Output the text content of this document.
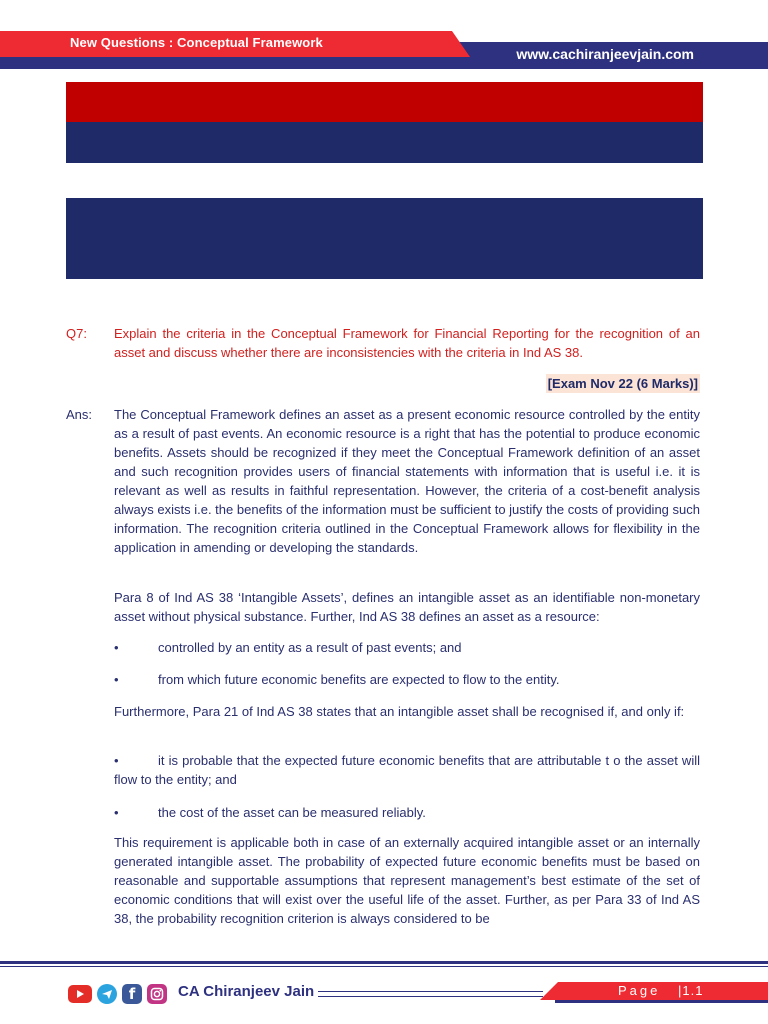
New Questions : Conceptual Framework
www.cachiranjeevjain.com
Q7: Explain the criteria in the Conceptual Framework for Financial Reporting for the recognition of an asset and discuss whether there are inconsistencies with the criteria in Ind AS 38.
[Exam Nov 22 (6 Marks)]
Ans: The Conceptual Framework defines an asset as a present economic resource controlled by the entity as a result of past events. An economic resource is a right that has the potential to produce economic benefits. Assets should be recognized if they meet the Conceptual Framework definition of an asset and such recognition provides users of financial statements with information that is useful i.e. it is relevant as well as results in faithful representation. However, the criteria of a cost-benefit analysis always exists i.e. the benefits of the information must be sufficient to justify the costs of providing such information. The recognition criteria outlined in the Conceptual Framework allows for flexibility in the application in amending or developing the standards.
Para 8 of Ind AS 38 ‘Intangible Assets’, defines an intangible asset as an identifiable non-monetary asset without physical substance. Further, Ind AS 38 defines an asset as a resource:
•	controlled by an entity as a result of past events; and
•	from which future economic benefits are expected to flow to the entity.
Furthermore, Para 21 of Ind AS 38 states that an intangible asset shall be recognised if, and only if:
•	it is probable that the expected future economic benefits that are attributable t o the asset will flow to the entity; and
•	the cost of the asset can be measured reliably.
This requirement is applicable both in case of an externally acquired intangible asset or an internally generated intangible asset. The probability of expected future economic benefits must be based on reasonable and supportable assumptions that represent management’s best estimate of the set of economic conditions that will exist over the useful life of the asset. Further, as per Para 33 of Ind AS 38, the probability recognition criterion is always considered to be
f	CA Chiranjeev Jain	Page |1.1
